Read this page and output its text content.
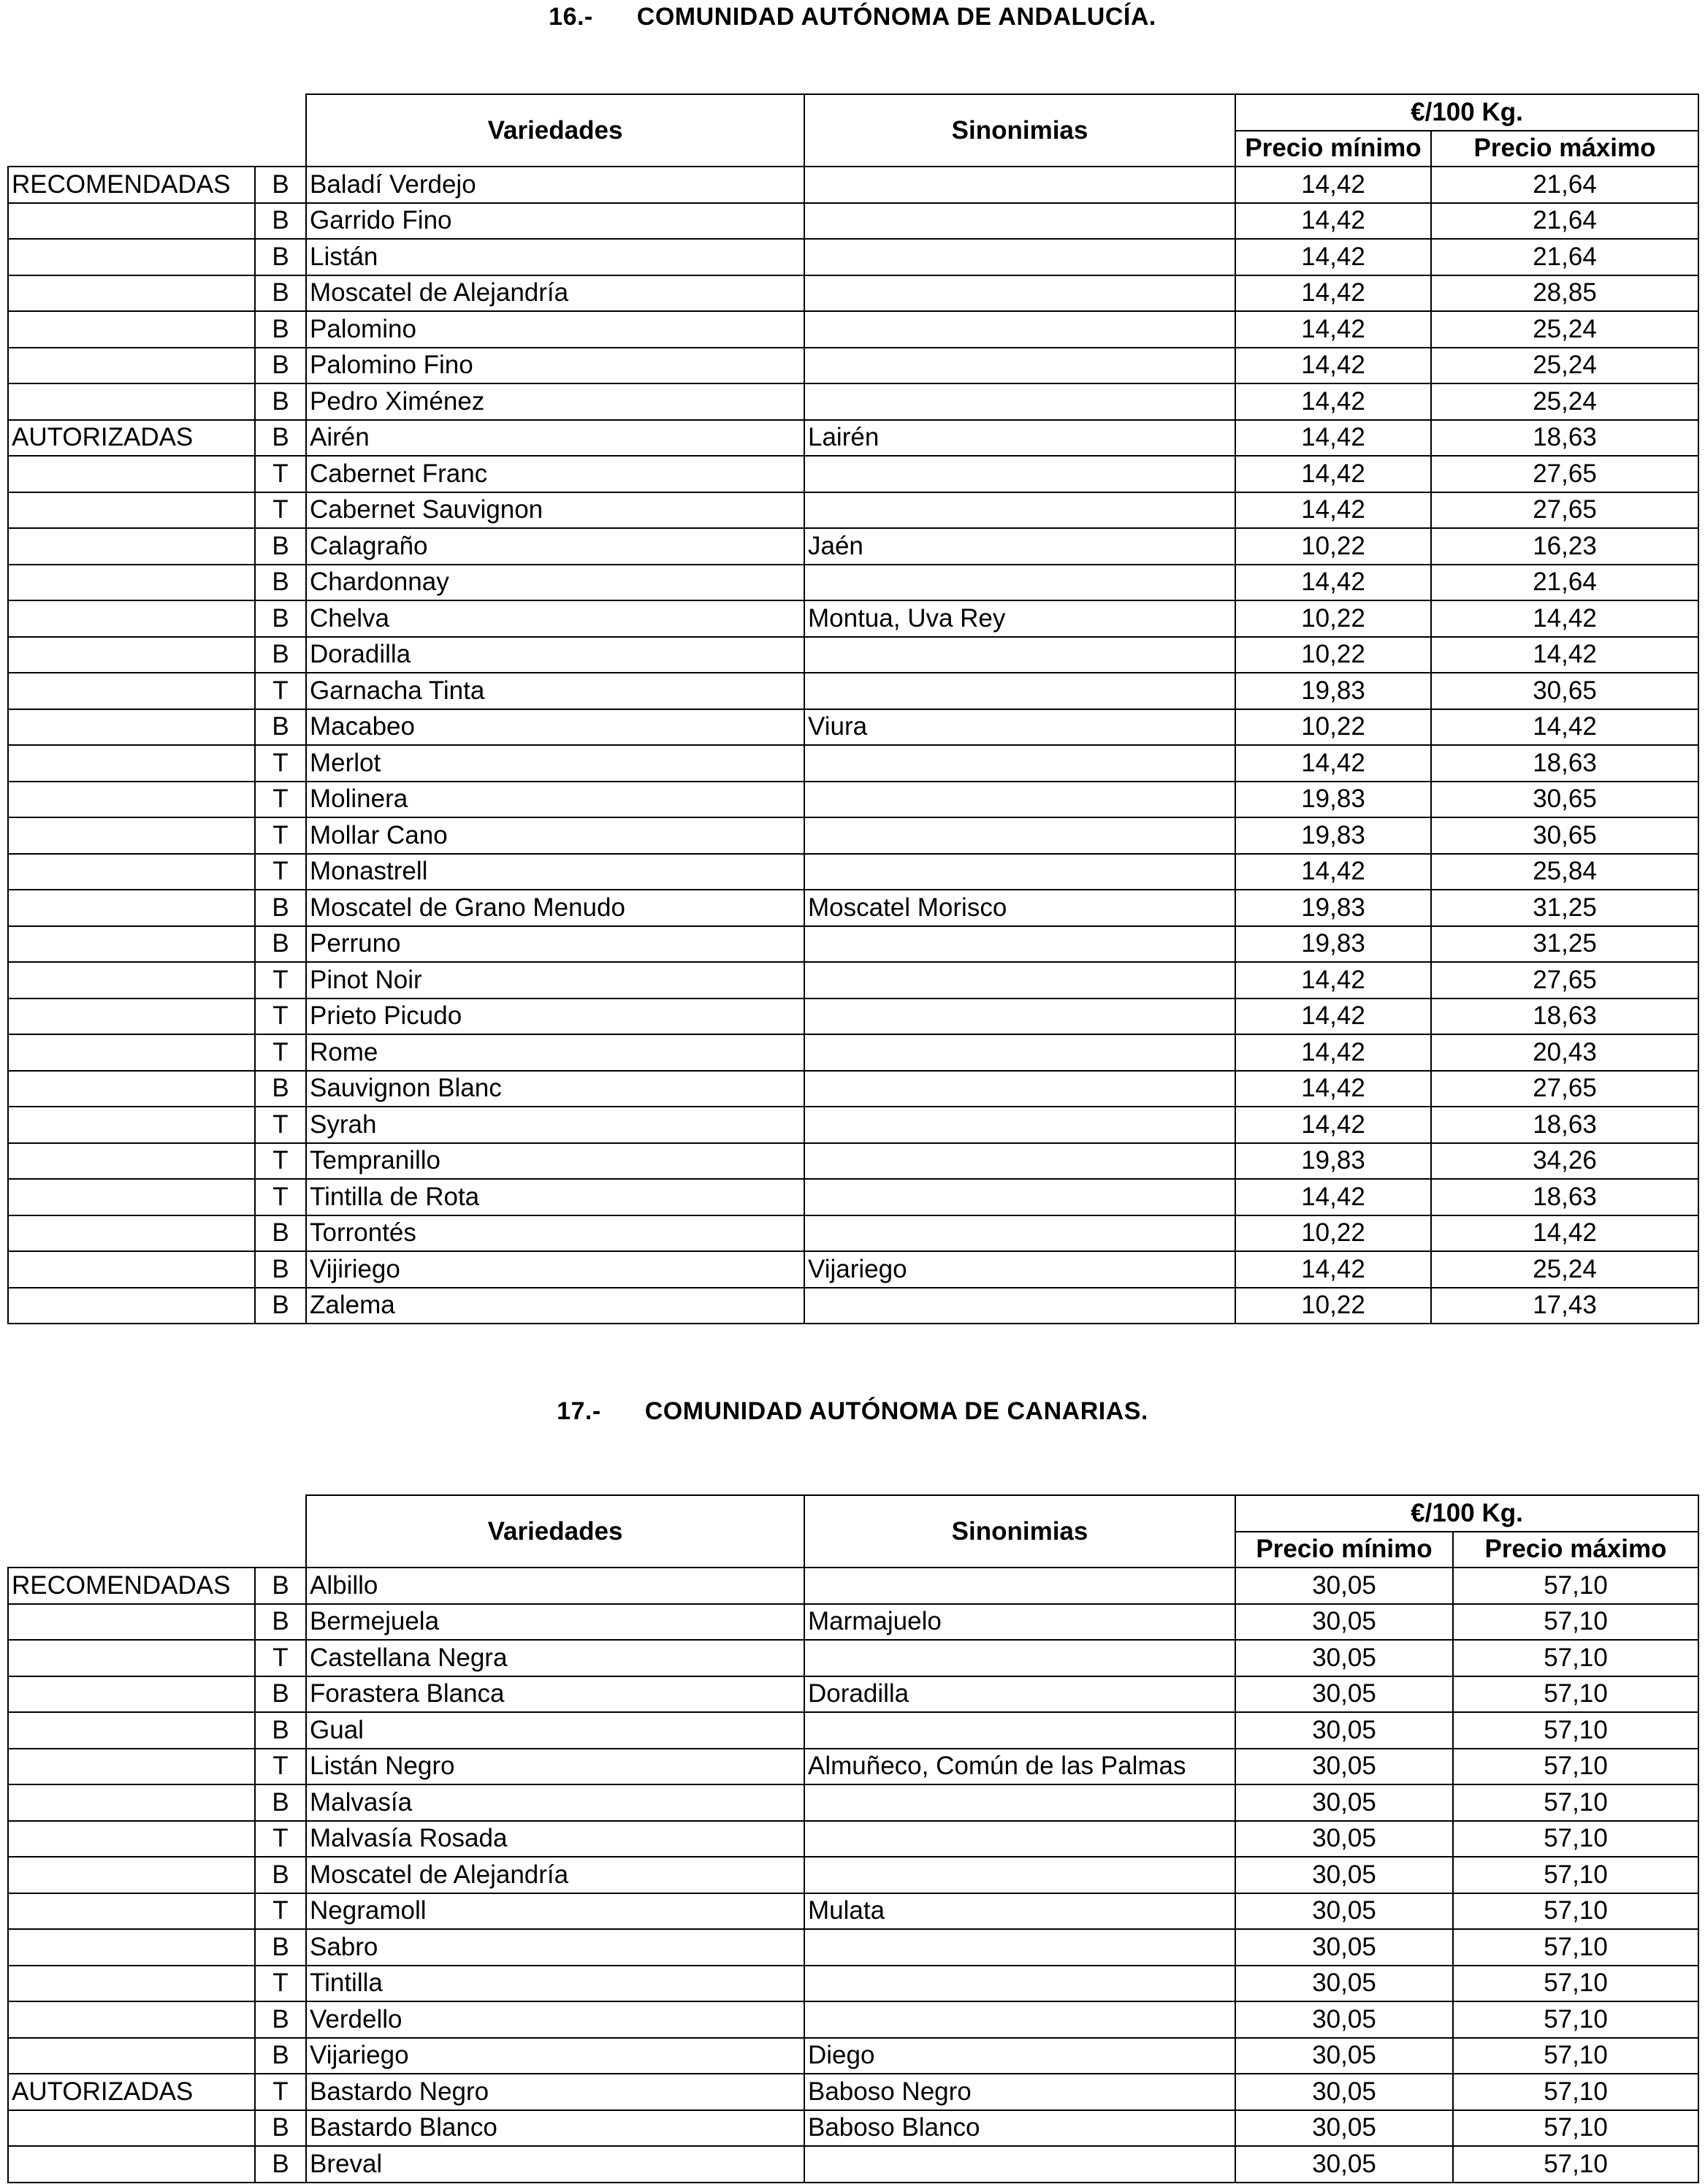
16.- COMUNIDAD AUTÓNOMA DE ANDALUCÍA.
		Variedades	Sinonimias	€/100 Kg.	
				Precio mínimo	Precio máximo
RECOMENDADAS	B	Baladí Verdejo		14,42	21,64
	B	Garrido Fino		14,42	21,64
	B	Listán		14,42	21,64
	B	Moscatel de Alejandría		14,42	28,85
	B	Palomino		14,42	25,24
	B	Palomino Fino		14,42	25,24
	B	Pedro Ximénez		14,42	25,24
AUTORIZADAS	B	Airén	Lairén	14,42	18,63
	T	Cabernet Franc		14,42	27,65
	T	Cabernet Sauvignon		14,42	27,65
	B	Calagraño	Jaén	10,22	16,23
	B	Chardonnay		14,42	21,64
	B	Chelva	Montua, Uva Rey	10,22	14,42
	B	Doradilla		10,22	14,42
	T	Garnacha Tinta		19,83	30,65
	B	Macabeo	Viura	10,22	14,42
	T	Merlot		14,42	18,63
	T	Molinera		19,83	30,65
	T	Mollar Cano		19,83	30,65
	T	Monastrell		14,42	25,84
	B	Moscatel de Grano Menudo	Moscatel Morisco	19,83	31,25
	B	Perruno		19,83	31,25
	T	Pinot Noir		14,42	27,65
	T	Prieto Picudo		14,42	18,63
	T	Rome		14,42	20,43
	B	Sauvignon Blanc		14,42	27,65
	T	Syrah		14,42	18,63
	T	Tempranillo		19,83	34,26
	T	Tintilla de Rota		14,42	18,63
	B	Torrontés		10,22	14,42
	B	Vijiriego	Vijariego	14,42	25,24
	B	Zalema		10,22	17,43
17.- COMUNIDAD AUTÓNOMA DE CANARIAS.
		Variedades	Sinonimias	€/100 Kg.	
				Precio mínimo	Precio máximo
RECOMENDADAS	B	Albillo		30,05	57,10
	B	Bermejuela	Marmajuelo	30,05	57,10
	T	Castellana Negra		30,05	57,10
	B	Forastera Blanca	Doradilla	30,05	57,10
	B	Gual		30,05	57,10
	T	Listán Negro	Almuñeco, Común de las Palmas	30,05	57,10
	B	Malvasía		30,05	57,10
	T	Malvasía Rosada		30,05	57,10
	B	Moscatel de Alejandría		30,05	57,10
	T	Negramoll	Mulata	30,05	57,10
	B	Sabro		30,05	57,10
	T	Tintilla		30,05	57,10
	B	Verdello		30,05	57,10
	B	Vijariego	Diego	30,05	57,10
AUTORIZADAS	T	Bastardo Negro	Baboso Negro	30,05	57,10
	B	Bastardo Blanco	Baboso Blanco	30,05	57,10
	B	Breval		30,05	57,10
